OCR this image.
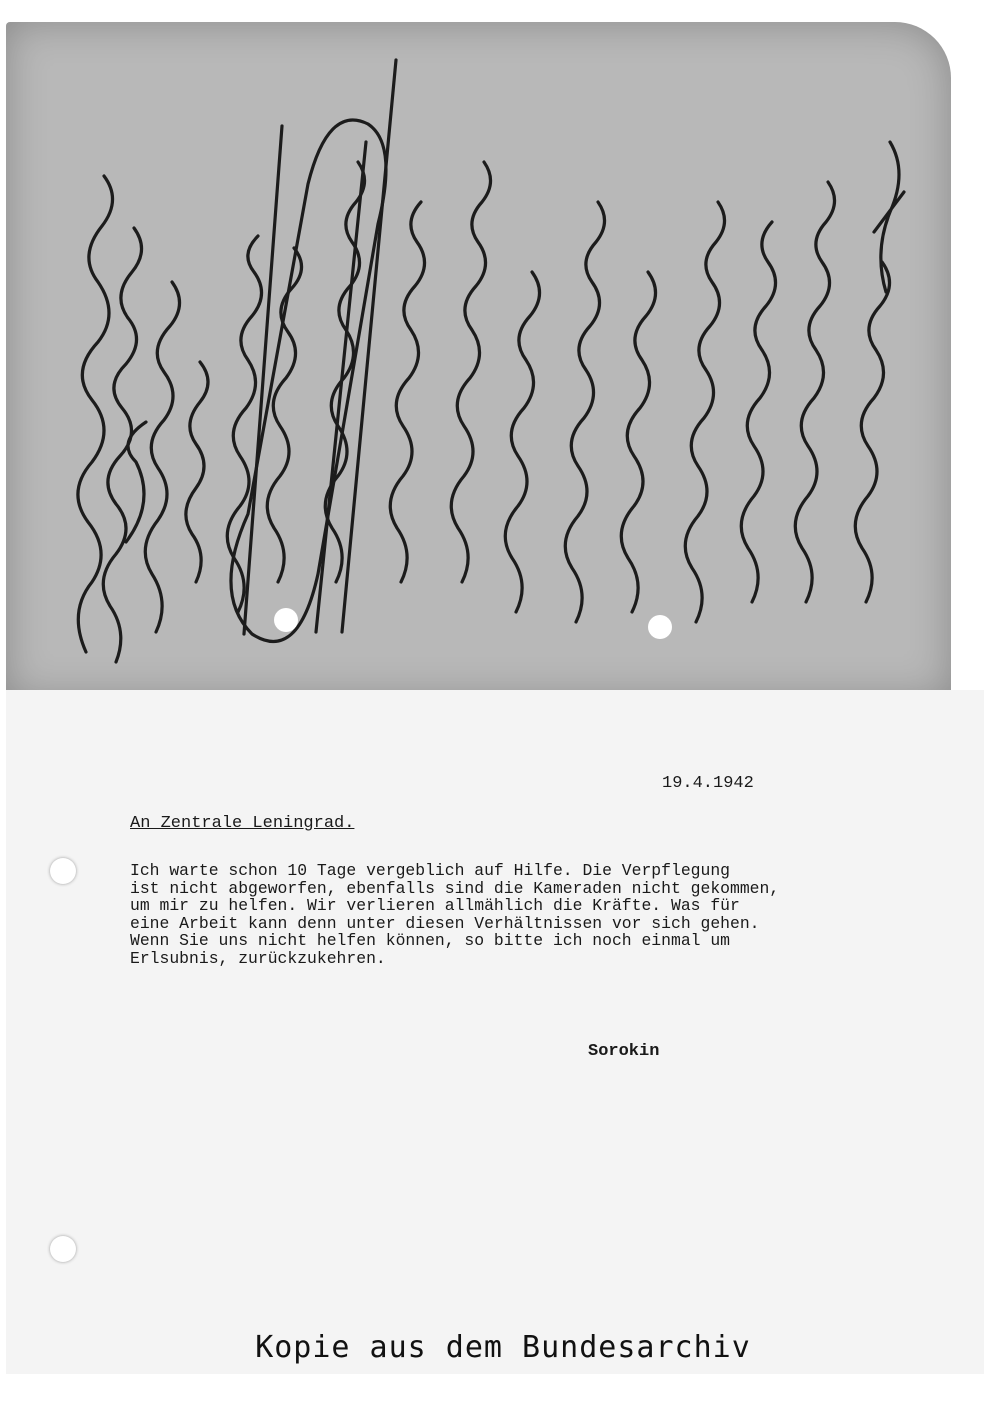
19.4.1942
An Zentrale Leningrad.
Ich warte schon 10 Tage vergeblich auf Hilfe. Die Verpflegung
ist nicht abgeworfen, ebenfalls sind die Kameraden nicht gekommen,
um mir zu helfen. Wir verlieren allmählich die Kräfte. Was für
eine Arbeit kann denn unter diesen Verhältnissen vor sich gehen.
Wenn Sie uns nicht helfen können, so bitte ich noch einmal um
Erlsubnis, zurückzukehren.
Sorokin
Kopie aus dem Bundesarchiv
